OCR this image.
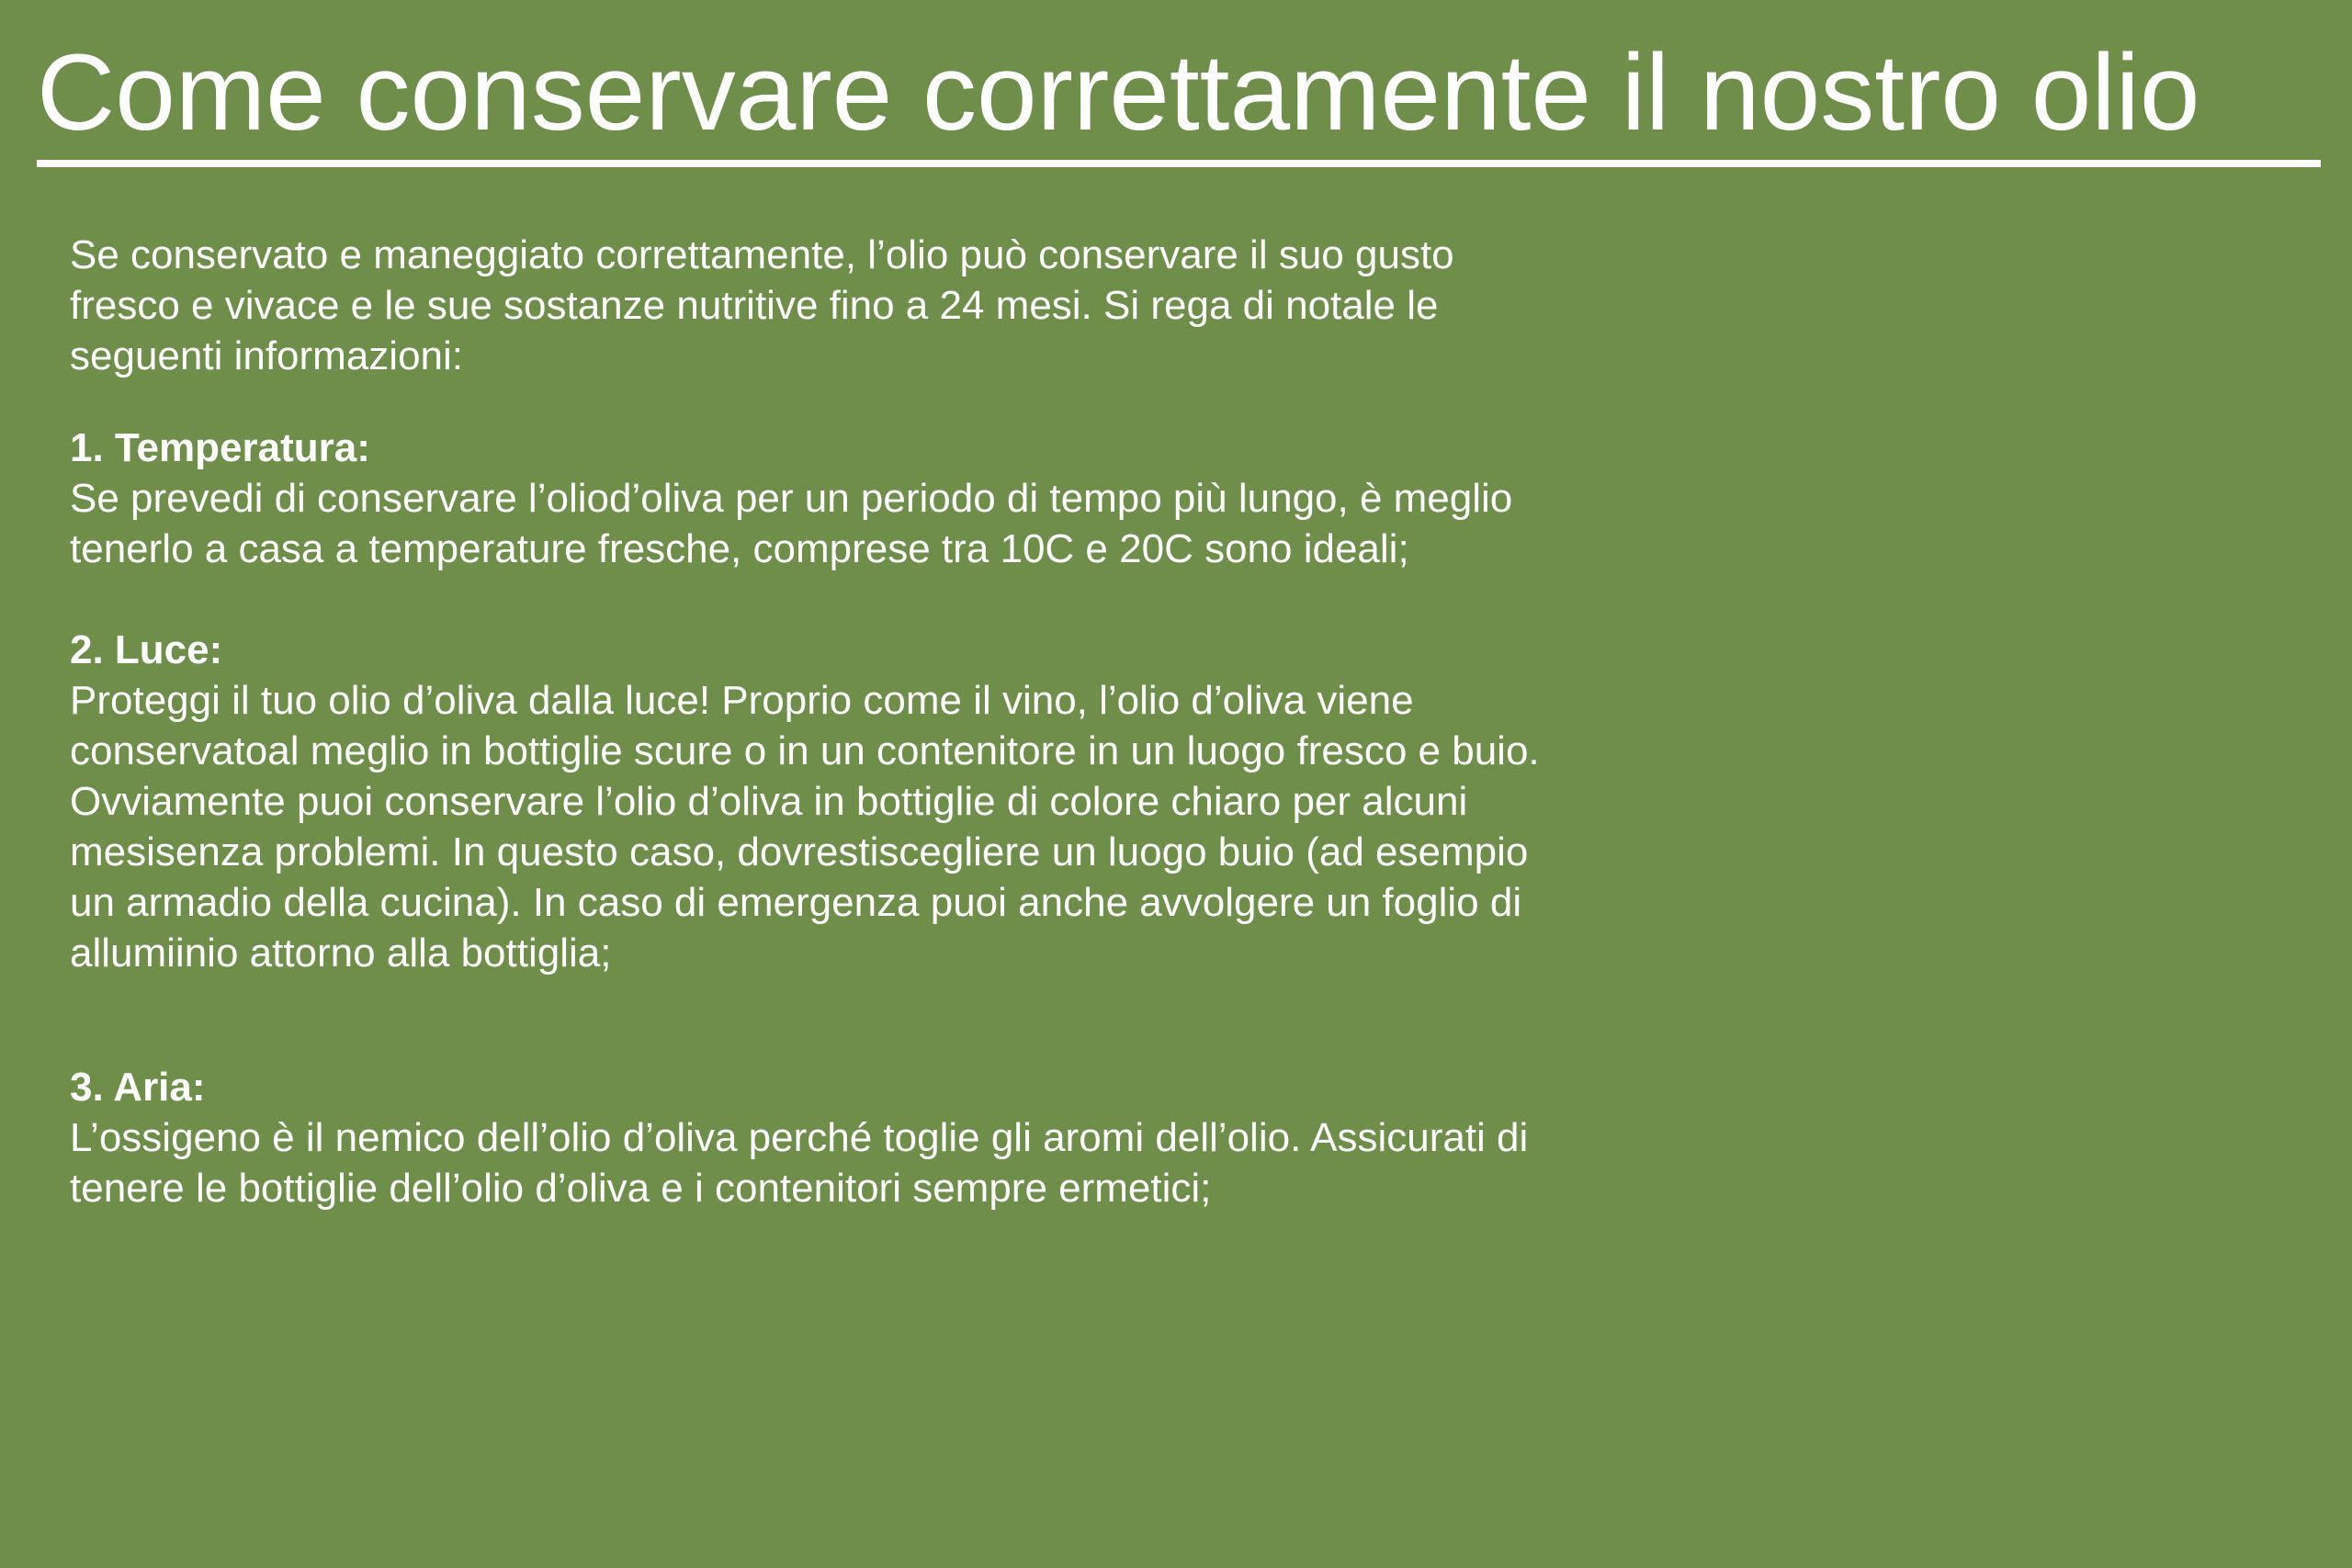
Come conservare correttamente il nostro olio

Se conservato e maneggiato correttamente, l’olio può conservare il suo gusto
fresco e vivace e le sue sostanze nutritive fino a 24 mesi. Si rega di notale le
seguenti informazioni:

1. Temperatura:
Se prevedi di conservare l’oliod’oliva per un periodo di tempo più lungo, è meglio
tenerlo a casa a temperature fresche, comprese tra 10C e 20C sono ideali;
2. Luce:
Proteggi il tuo olio d’oliva dalla luce! Proprio come il vino, l’olio d’oliva viene
conservatoal meglio in bottiglie scure o in un contenitore in un luogo fresco e buio.
Ovviamente puoi conservare l’olio d’oliva in bottiglie di colore chiaro per alcuni
mesisenza problemi. In questo caso, dovrestiscegliere un luogo buio (ad esempio
un armadio della cucina). In caso di emergenza puoi anche avvolgere un foglio di
allumiinio attorno alla bottiglia;
3. Aria:
L’ossigeno è il nemico dell’olio d’oliva perché toglie gli aromi dell’olio. Assicurati di
tenere le bottiglie dell’olio d’oliva e i contenitori sempre ermetici;
